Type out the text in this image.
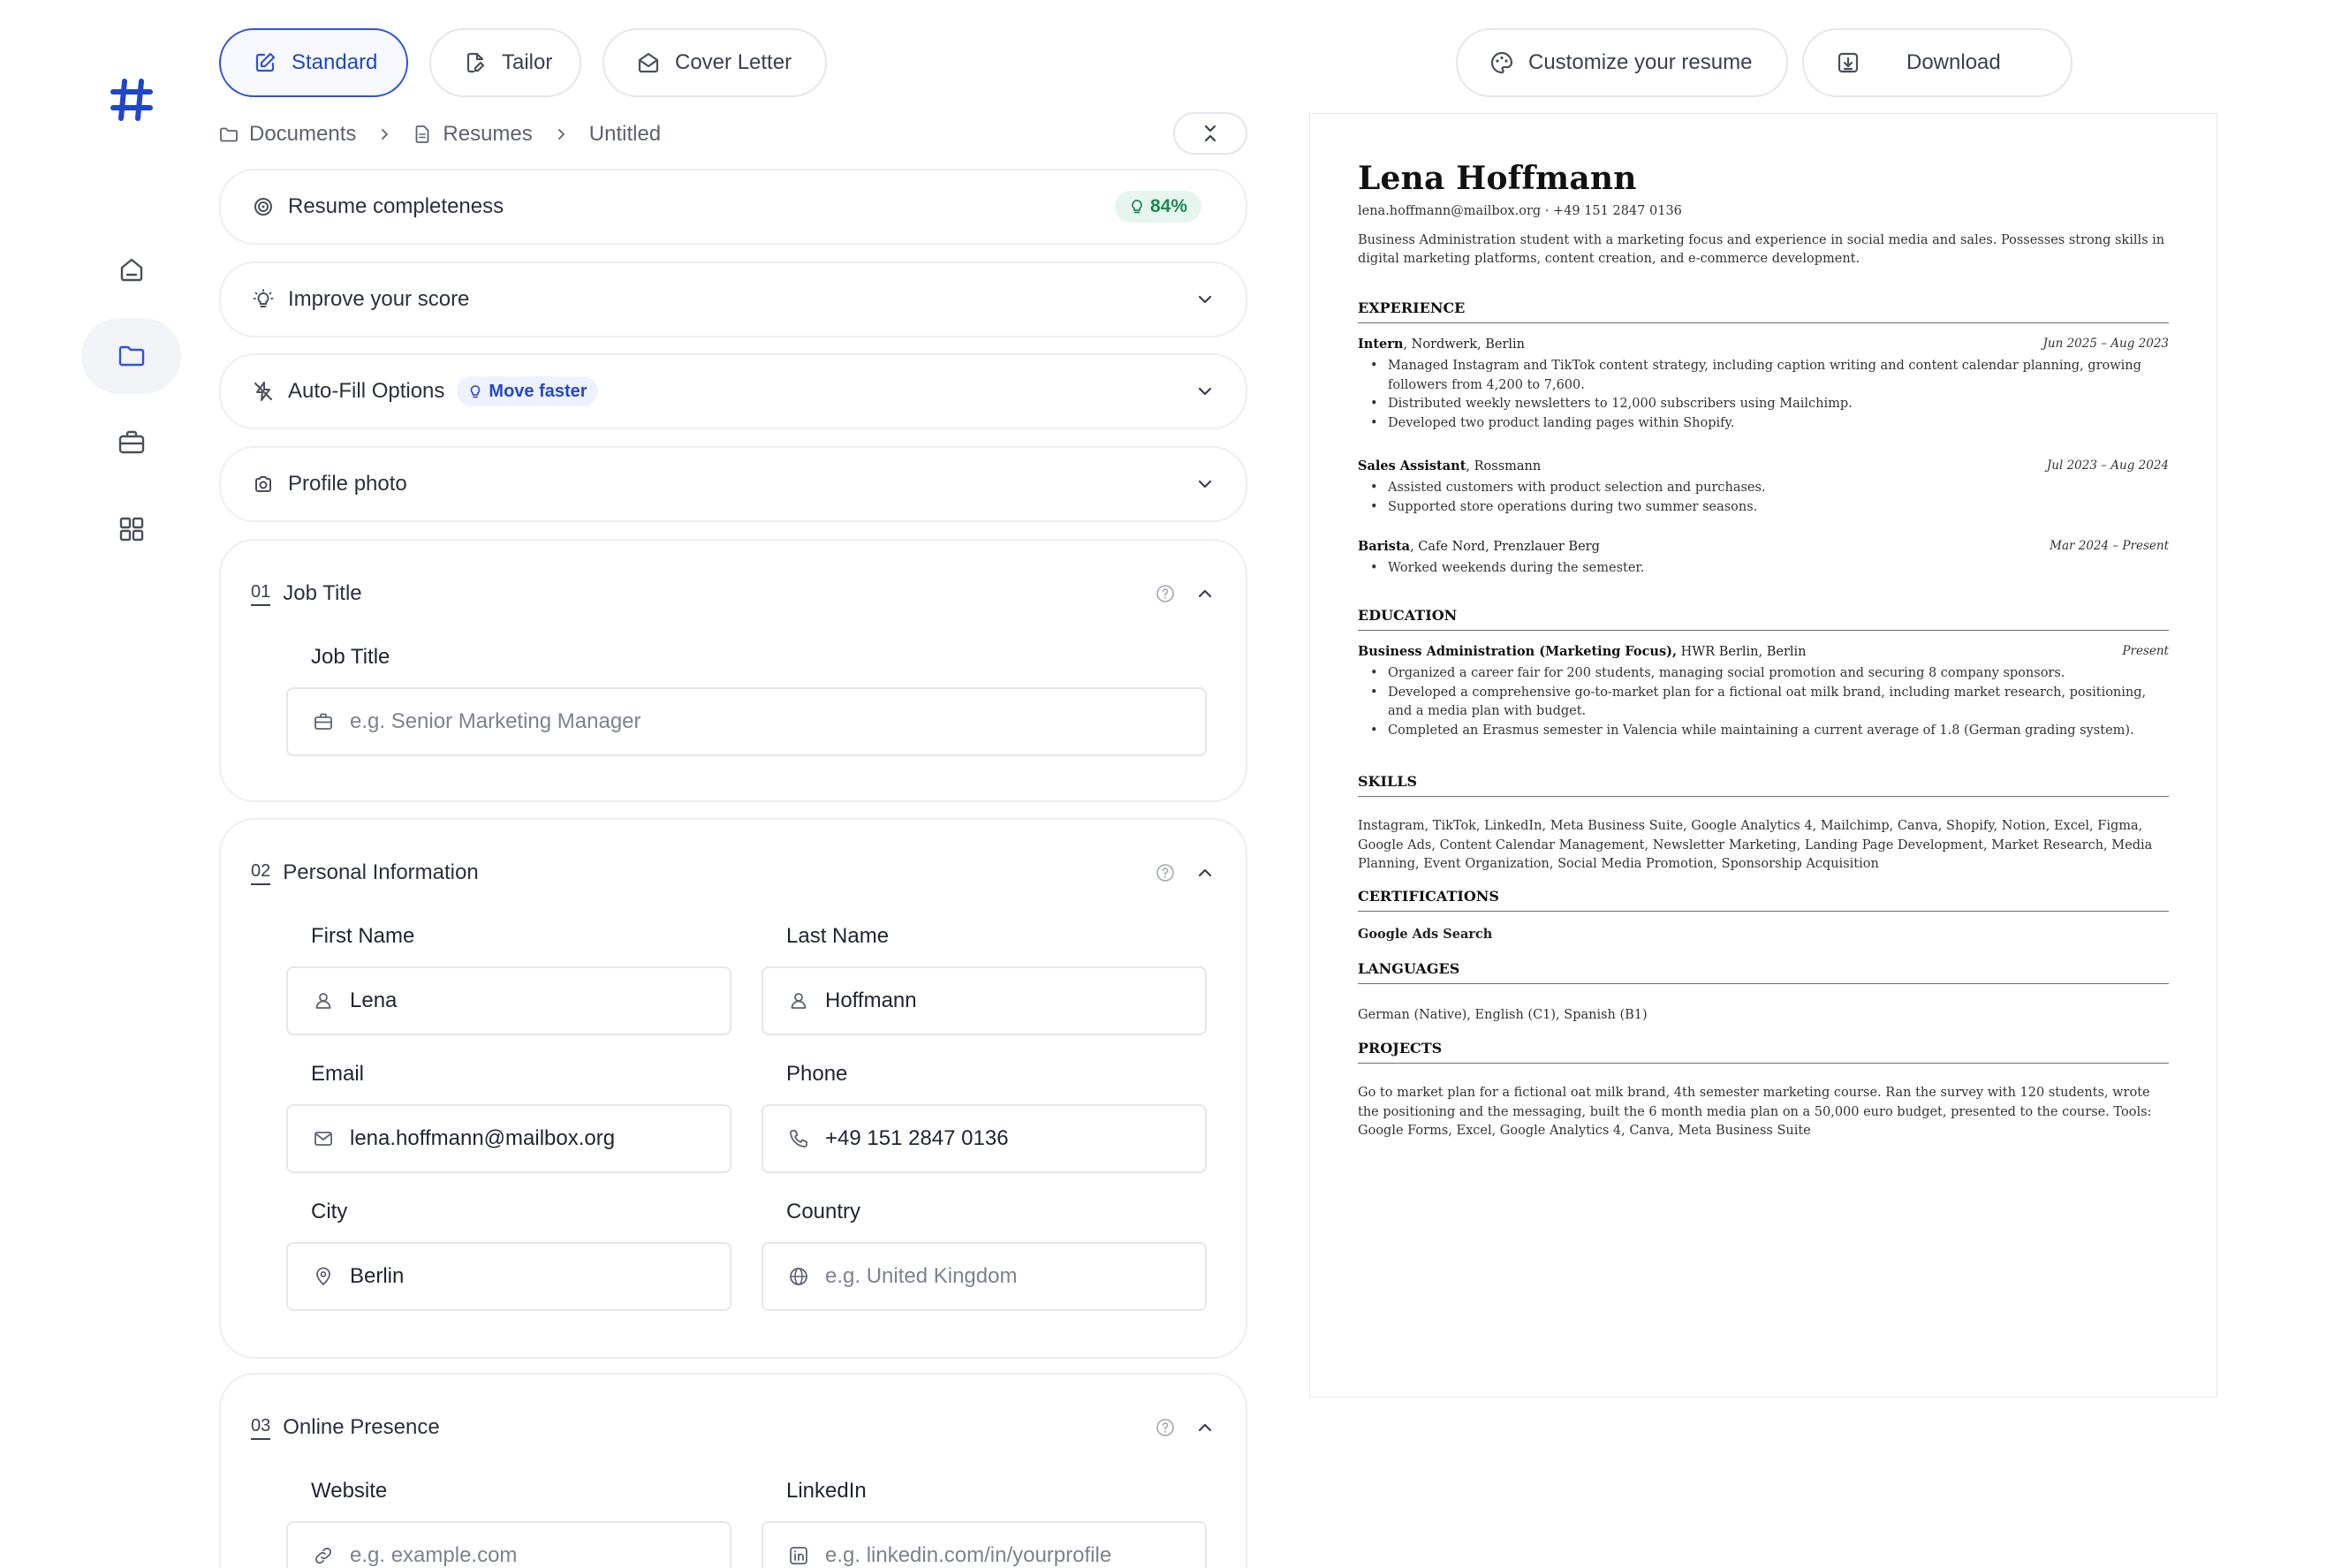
Standard	Tailor	Cover Letter	Customize your resume	Download
Documents	Resumes	Untitled
Resume completeness	84%
Improve your score
Auto-Fill Options	Move faster
Profile photo
01 Job Title
Job Title
e.g. Senior Marketing Manager
02 Personal Information
First Name
Lena
Last Name
Hoffmann
Email
lena.hoffmann@mailbox.org
Phone
+49 151 2847 0136
City
Berlin
Country
e.g. United Kingdom
03 Online Presence
Website
e.g. example.com
LinkedIn
e.g. linkedin.com/in/yourprofile
Lena Hoffmann
lena.hoffmann@mailbox.org · +49 151 2847 0136
Business Administration student with a marketing focus and experience in social media and sales. Possesses strong skills in digital marketing platforms, content creation, and e-commerce development.
EXPERIENCE
Intern, Nordwerk, Berlin	Jun 2025 – Aug 2023
• Managed Instagram and TikTok content strategy, including caption writing and content calendar planning, growing followers from 4,200 to 7,600.
• Distributed weekly newsletters to 12,000 subscribers using Mailchimp.
• Developed two product landing pages within Shopify.
Sales Assistant, Rossmann	Jul 2023 – Aug 2024
• Assisted customers with product selection and purchases.
• Supported store operations during two summer seasons.
Barista, Cafe Nord, Prenzlauer Berg	Mar 2024 – Present
• Worked weekends during the semester.
EDUCATION
Business Administration (Marketing Focus), HWR Berlin, Berlin	Present
• Organized a career fair for 200 students, managing social promotion and securing 8 company sponsors.
• Developed a comprehensive go-to-market plan for a fictional oat milk brand, including market research, positioning, and a media plan with budget.
• Completed an Erasmus semester in Valencia while maintaining a current average of 1.8 (German grading system).
SKILLS
Instagram, TikTok, LinkedIn, Meta Business Suite, Google Analytics 4, Mailchimp, Canva, Shopify, Notion, Excel, Figma, Google Ads, Content Calendar Management, Newsletter Marketing, Landing Page Development, Market Research, Media Planning, Event Organization, Social Media Promotion, Sponsorship Acquisition
CERTIFICATIONS
Google Ads Search
LANGUAGES
German (Native), English (C1), Spanish (B1)
PROJECTS
Go to market plan for a fictional oat milk brand, 4th semester marketing course. Ran the survey with 120 students, wrote the positioning and the messaging, built the 6 month media plan on a 50,000 euro budget, presented to the course. Tools: Google Forms, Excel, Google Analytics 4, Canva, Meta Business Suite
